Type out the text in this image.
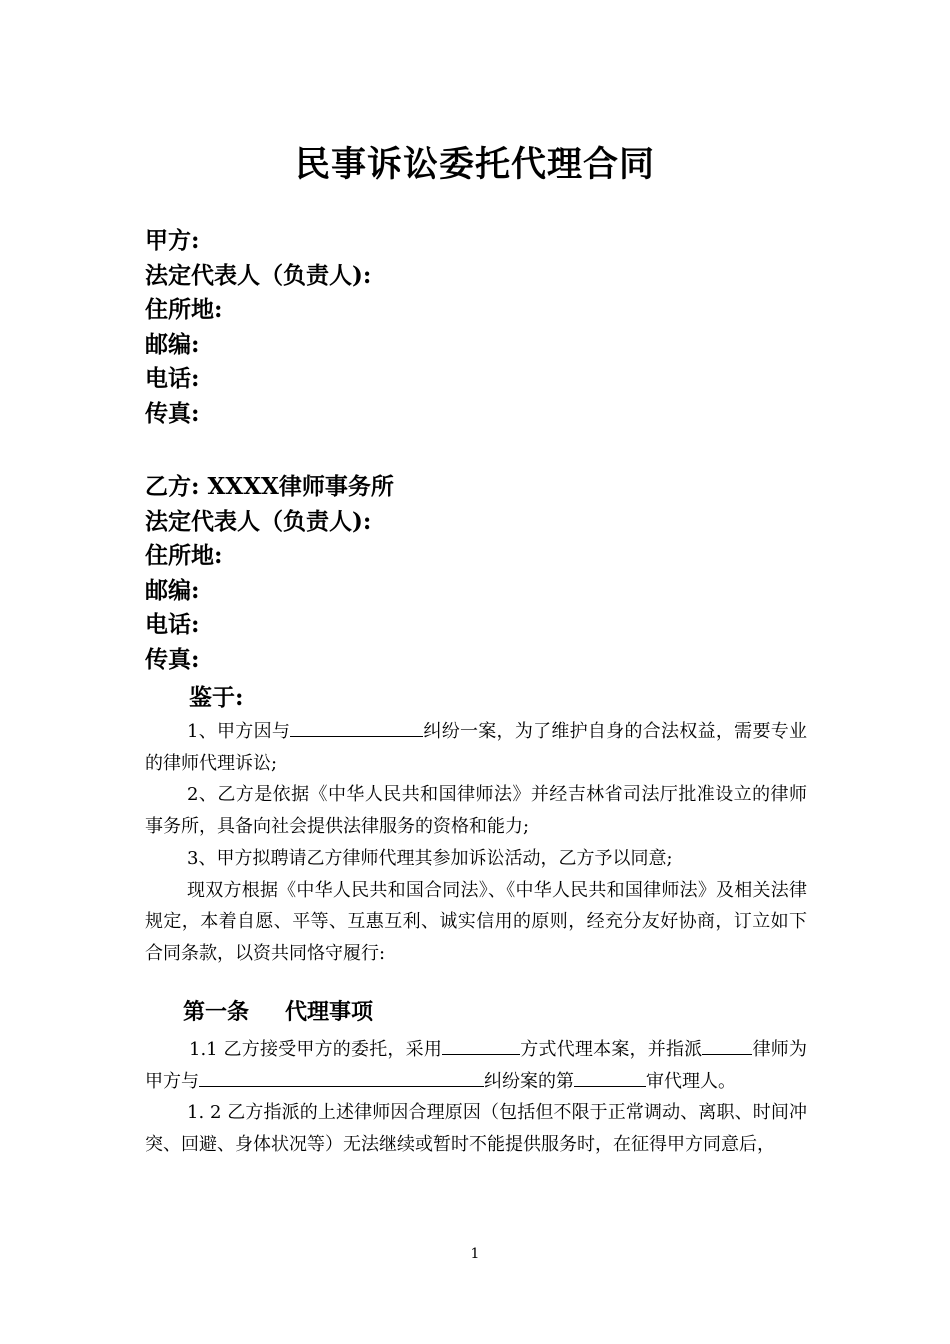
民事诉讼委托代理合同
甲方:
法定代表人（负责人):
住所地:
邮编:
电话:
传真:
乙方: XXXX律师事务所
法定代表人（负责人):
住所地:
邮编:
电话:
传真:
鉴于:

1、甲方因与	纠纷一案，为了维护自身的合法权益，需要专业的律师代理诉讼;

2、乙方是依据《中华人民共和国律师法》并经吉林省司法厅批准设立的律师事务所，具备向社会提供法律服务的资格和能力;

3、甲方拟聘请乙方律师代理其参加诉讼活动，乙方予以同意;

现双方根据《中华人民共和国合同法》、《中华人民共和国律师法》及相关法律规定，本着自愿、平等、互惠互利、诚实信用的原则，经充分友好协商，订立如下合同条款，以资共同恪守履行:

第一条 代理事项

1.1 乙方接受甲方的委托，采用	方式代理本案，并指派	律师为甲方与	纠纷案的第	审代理人。

1. 2 乙方指派的上述律师因合理原因（包括但不限于正常调动、离职、时间冲突、回避、身体状况等）无法继续或暂时不能提供服务时，在征得甲方同意后，

1
